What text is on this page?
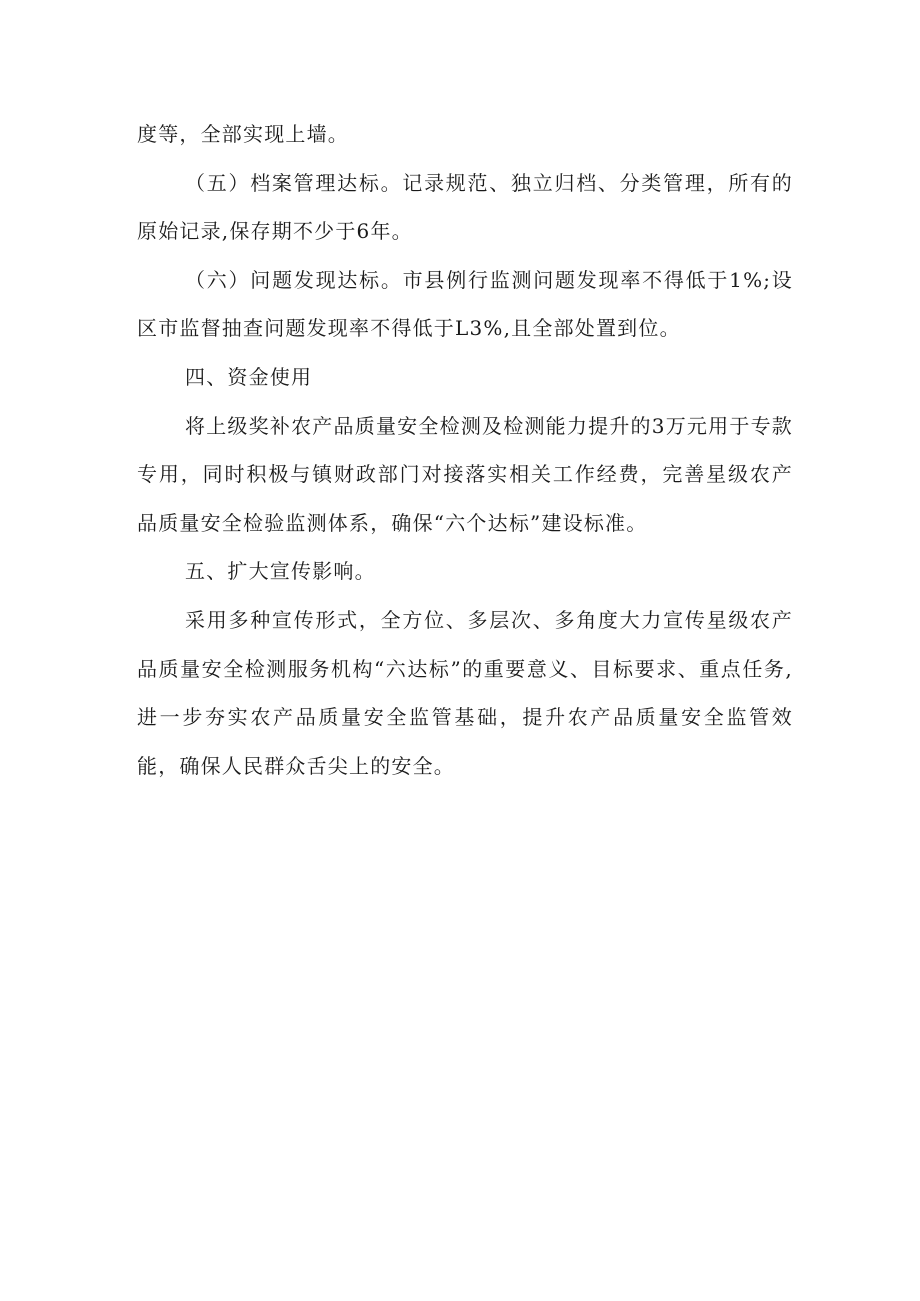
度等，全部实现上墙。

（五）档案管理达标。记录规范、独立归档、分类管理，所有的原始记录,保存期不少于6年。

（六）问题发现达标。市县例行监测问题发现率不得低于1%;设区市监督抽查问题发现率不得低于L3%,且全部处置到位。

四、资金使用

将上级奖补农产品质量安全检测及检测能力提升的3万元用于专款专用，同时积极与镇财政部门对接落实相关工作经费，完善星级农产品质量安全检验监测体系，确保“六个达标”建设标准。

五、扩大宣传影响。

采用多种宣传形式，全方位、多层次、多角度大力宣传星级农产品质量安全检测服务机构“六达标”的重要意义、目标要求、重点任务,进一步夯实农产品质量安全监管基础，提升农产品质量安全监管效能，确保人民群众舌尖上的安全。
